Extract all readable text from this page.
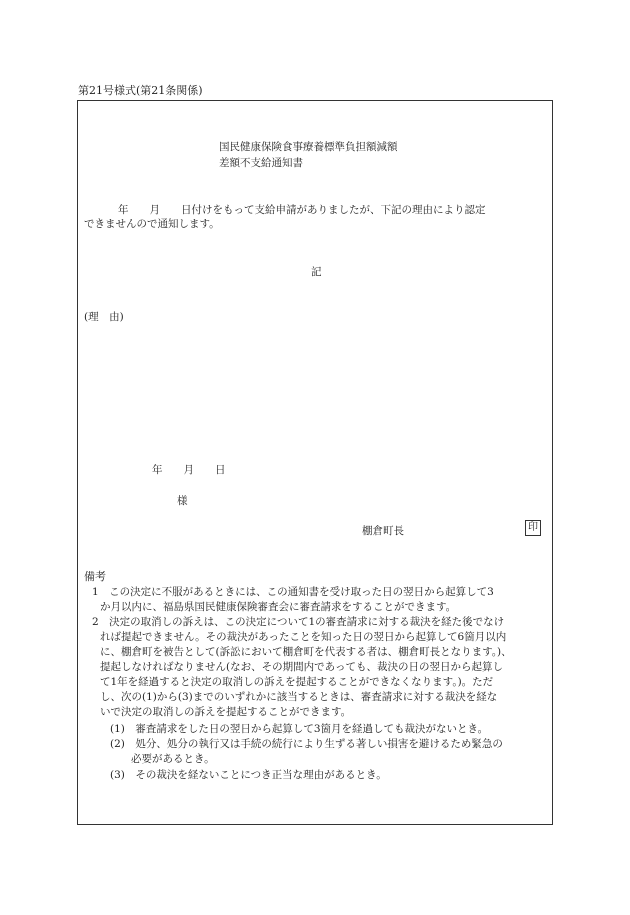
第21号様式(第21条関係)
国民健康保険食事療養標準負担額減額
差額不支給通知書
年　　月　　日付けをもって支給申請がありましたが、下記の理由により認定
できませんので通知します。
記
(理　由)
年　　月　　日
様
棚倉町長	印
備考
1　この決定に不服があるときには、この通知書を受け取った日の翌日から起算して3
か月以内に、福島県国民健康保険審査会に審査請求をすることができます。
2　決定の取消しの訴えは、この決定について1の審査請求に対する裁決を経た後でなけ
れば提起できません。その裁決があったことを知った日の翌日から起算して6箇月以内
に、棚倉町を被告として(訴訟において棚倉町を代表する者は、棚倉町長となります。)、
提起しなければなりません(なお、その期間内であっても、裁決の日の翌日から起算し
て1年を経過すると決定の取消しの訴えを提起することができなくなります。)。ただ
し、次の(1)から(3)までのいずれかに該当するときは、審査請求に対する裁決を経な
いで決定の取消しの訴えを提起することができます。
(1)　審査請求をした日の翌日から起算して3箇月を経過しても裁決がないとき。
(2)　処分、処分の執行又は手続の続行により生ずる著しい損害を避けるため緊急の
必要があるとき。
(3)　その裁決を経ないことにつき正当な理由があるとき。
